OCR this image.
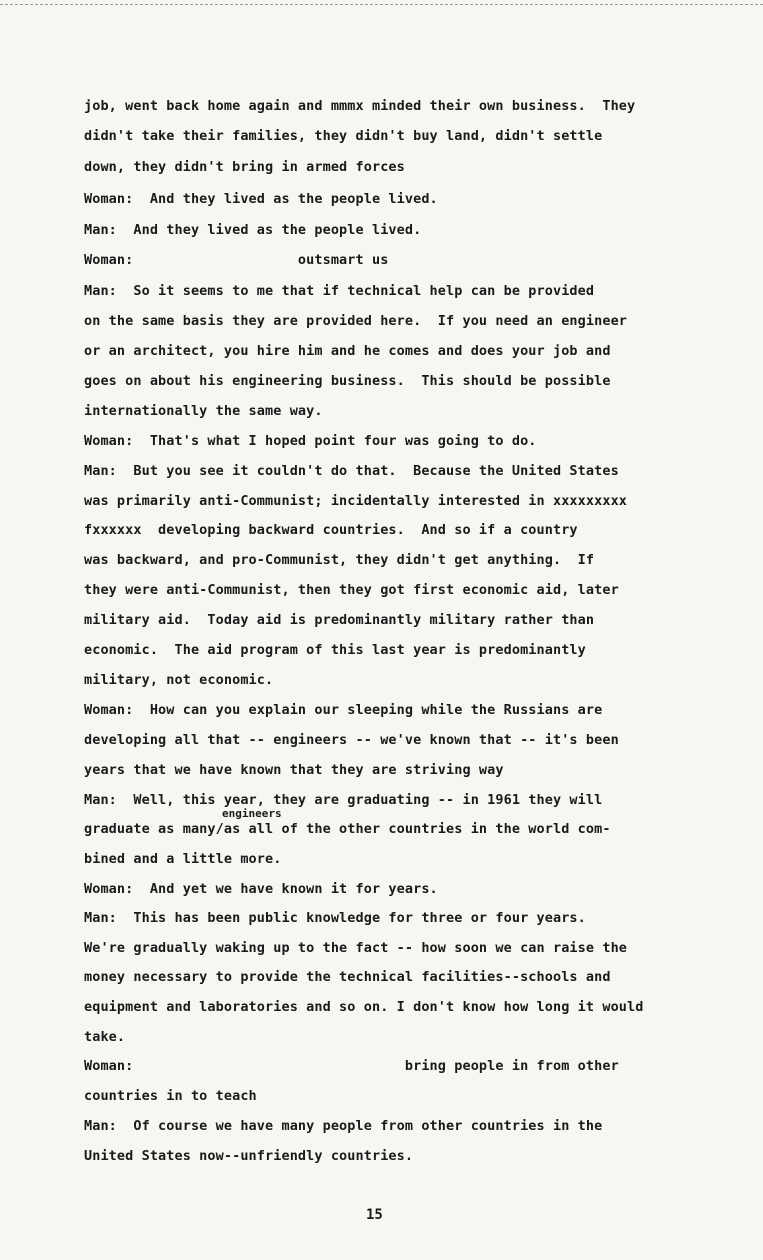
job, went back home again and mmmx minded their own business.  They
didn't take their families, they didn't buy land, didn't settle
down, they didn't bring in armed forces
Woman:  And they lived as the people lived.
Man:  And they lived as the people lived.
Woman:                    outsmart us
Man:  So it seems to me that if technical help can be provided
on the same basis they are provided here.  If you need an engineer
or an architect, you hire him and he comes and does your job and
goes on about his engineering business.  This should be possible
internationally the same way.
Woman:  That's what I hoped point four was going to do.
Man:  But you see it couldn't do that.  Because the United States
was primarily anti-Communist; incidentally interested in xxxxxxxxx
fxxxxxx  developing backward countries.  And so if a country
was backward, and pro-Communist, they didn't get anything.  If
they were anti-Communist, then they got first economic aid, later
military aid.  Today aid is predominantly military rather than
economic.  The aid program of this last year is predominantly
military, not economic.
Woman:  How can you explain our sleeping while the Russians are
developing all that -- engineers -- we've known that -- it's been
years that we have known that they are striving way
Man:  Well, this year, they are graduating -- in 1961 they will
engineers
graduate as many/as all of the other countries in the world com-
bined and a little more.
Woman:  And yet we have known it for years.
Man:  This has been public knowledge for three or four years.
We're gradually waking up to the fact -- how soon we can raise the
money necessary to provide the technical facilities--schools and
equipment and laboratories and so on. I don't know how long it would
take.
Woman:                                 bring people in from other
countries in to teach
Man:  Of course we have many people from other countries in the
United States now--unfriendly countries.
15
